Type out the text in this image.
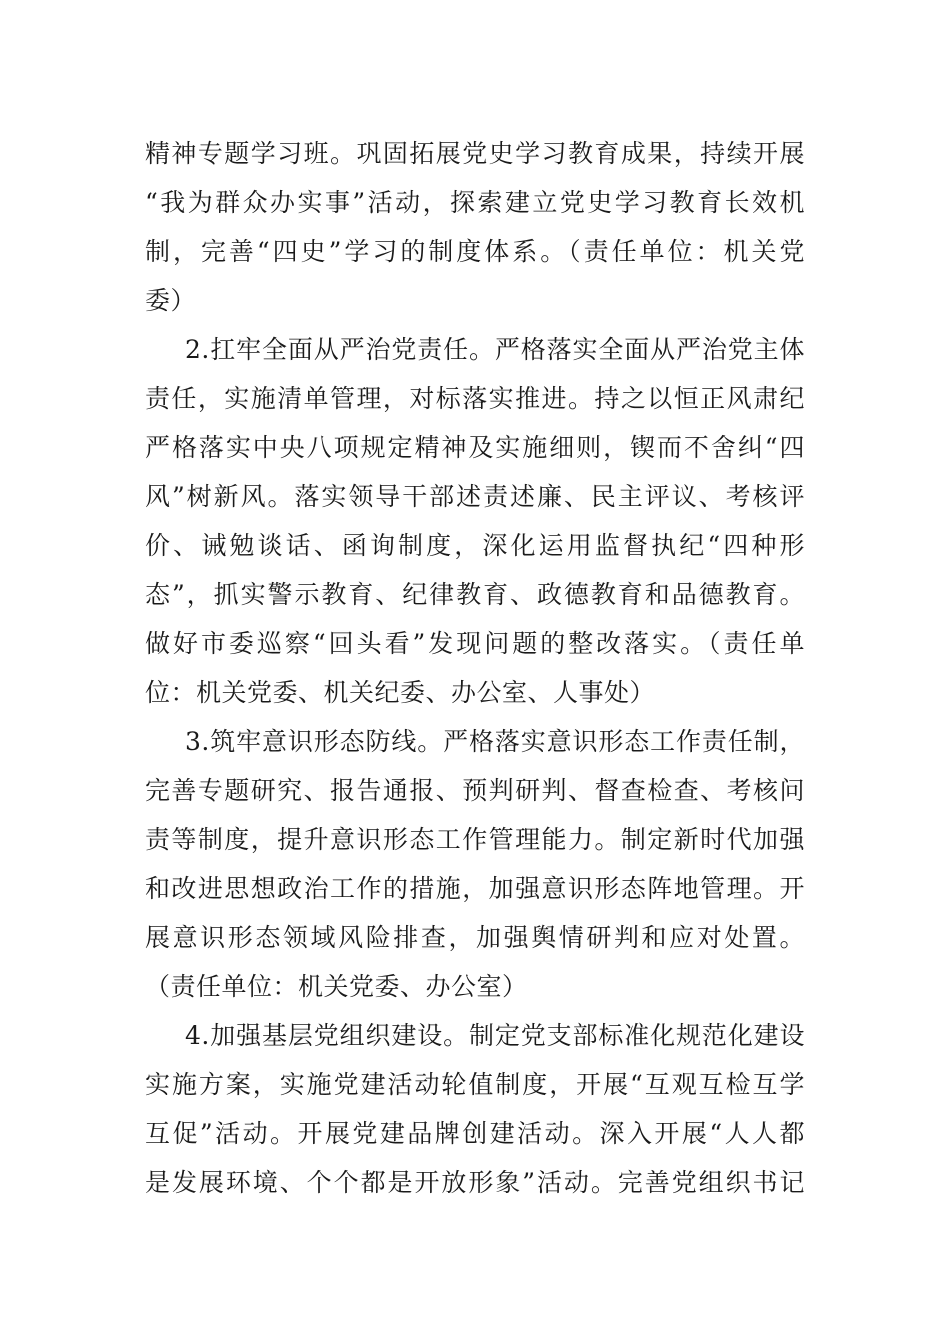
精神专题学习班。巩固拓展党史学习教育成果，持续开展
“我为群众办实事”活动，探索建立党史学习教育长效机
制，完善“四史”学习的制度体系。（责任单位：机关党
委）
2.扛牢全面从严治党责任。严格落实全面从严治党主体
责任，实施清单管理，对标落实推进。持之以恒正风肃纪
严格落实中央八项规定精神及实施细则，锲而不舍纠“四
风”树新风。落实领导干部述责述廉、民主评议、考核评
价、诫勉谈话、函询制度，深化运用监督执纪“四种形
态”，抓实警示教育、纪律教育、政德教育和品德教育。
做好市委巡察“回头看”发现问题的整改落实。（责任单
位：机关党委、机关纪委、办公室、人事处）
3.筑牢意识形态防线。严格落实意识形态工作责任制，
完善专题研究、报告通报、预判研判、督查检查、考核问
责等制度，提升意识形态工作管理能力。制定新时代加强
和改进思想政治工作的措施，加强意识形态阵地管理。开
展意识形态领域风险排查，加强舆情研判和应对处置。
（责任单位：机关党委、办公室）
4.加强基层党组织建设。制定党支部标准化规范化建设
实施方案，实施党建活动轮值制度，开展“互观互检互学
互促”活动。开展党建品牌创建活动。深入开展“人人都
是发展环境、个个都是开放形象”活动。完善党组织书记
